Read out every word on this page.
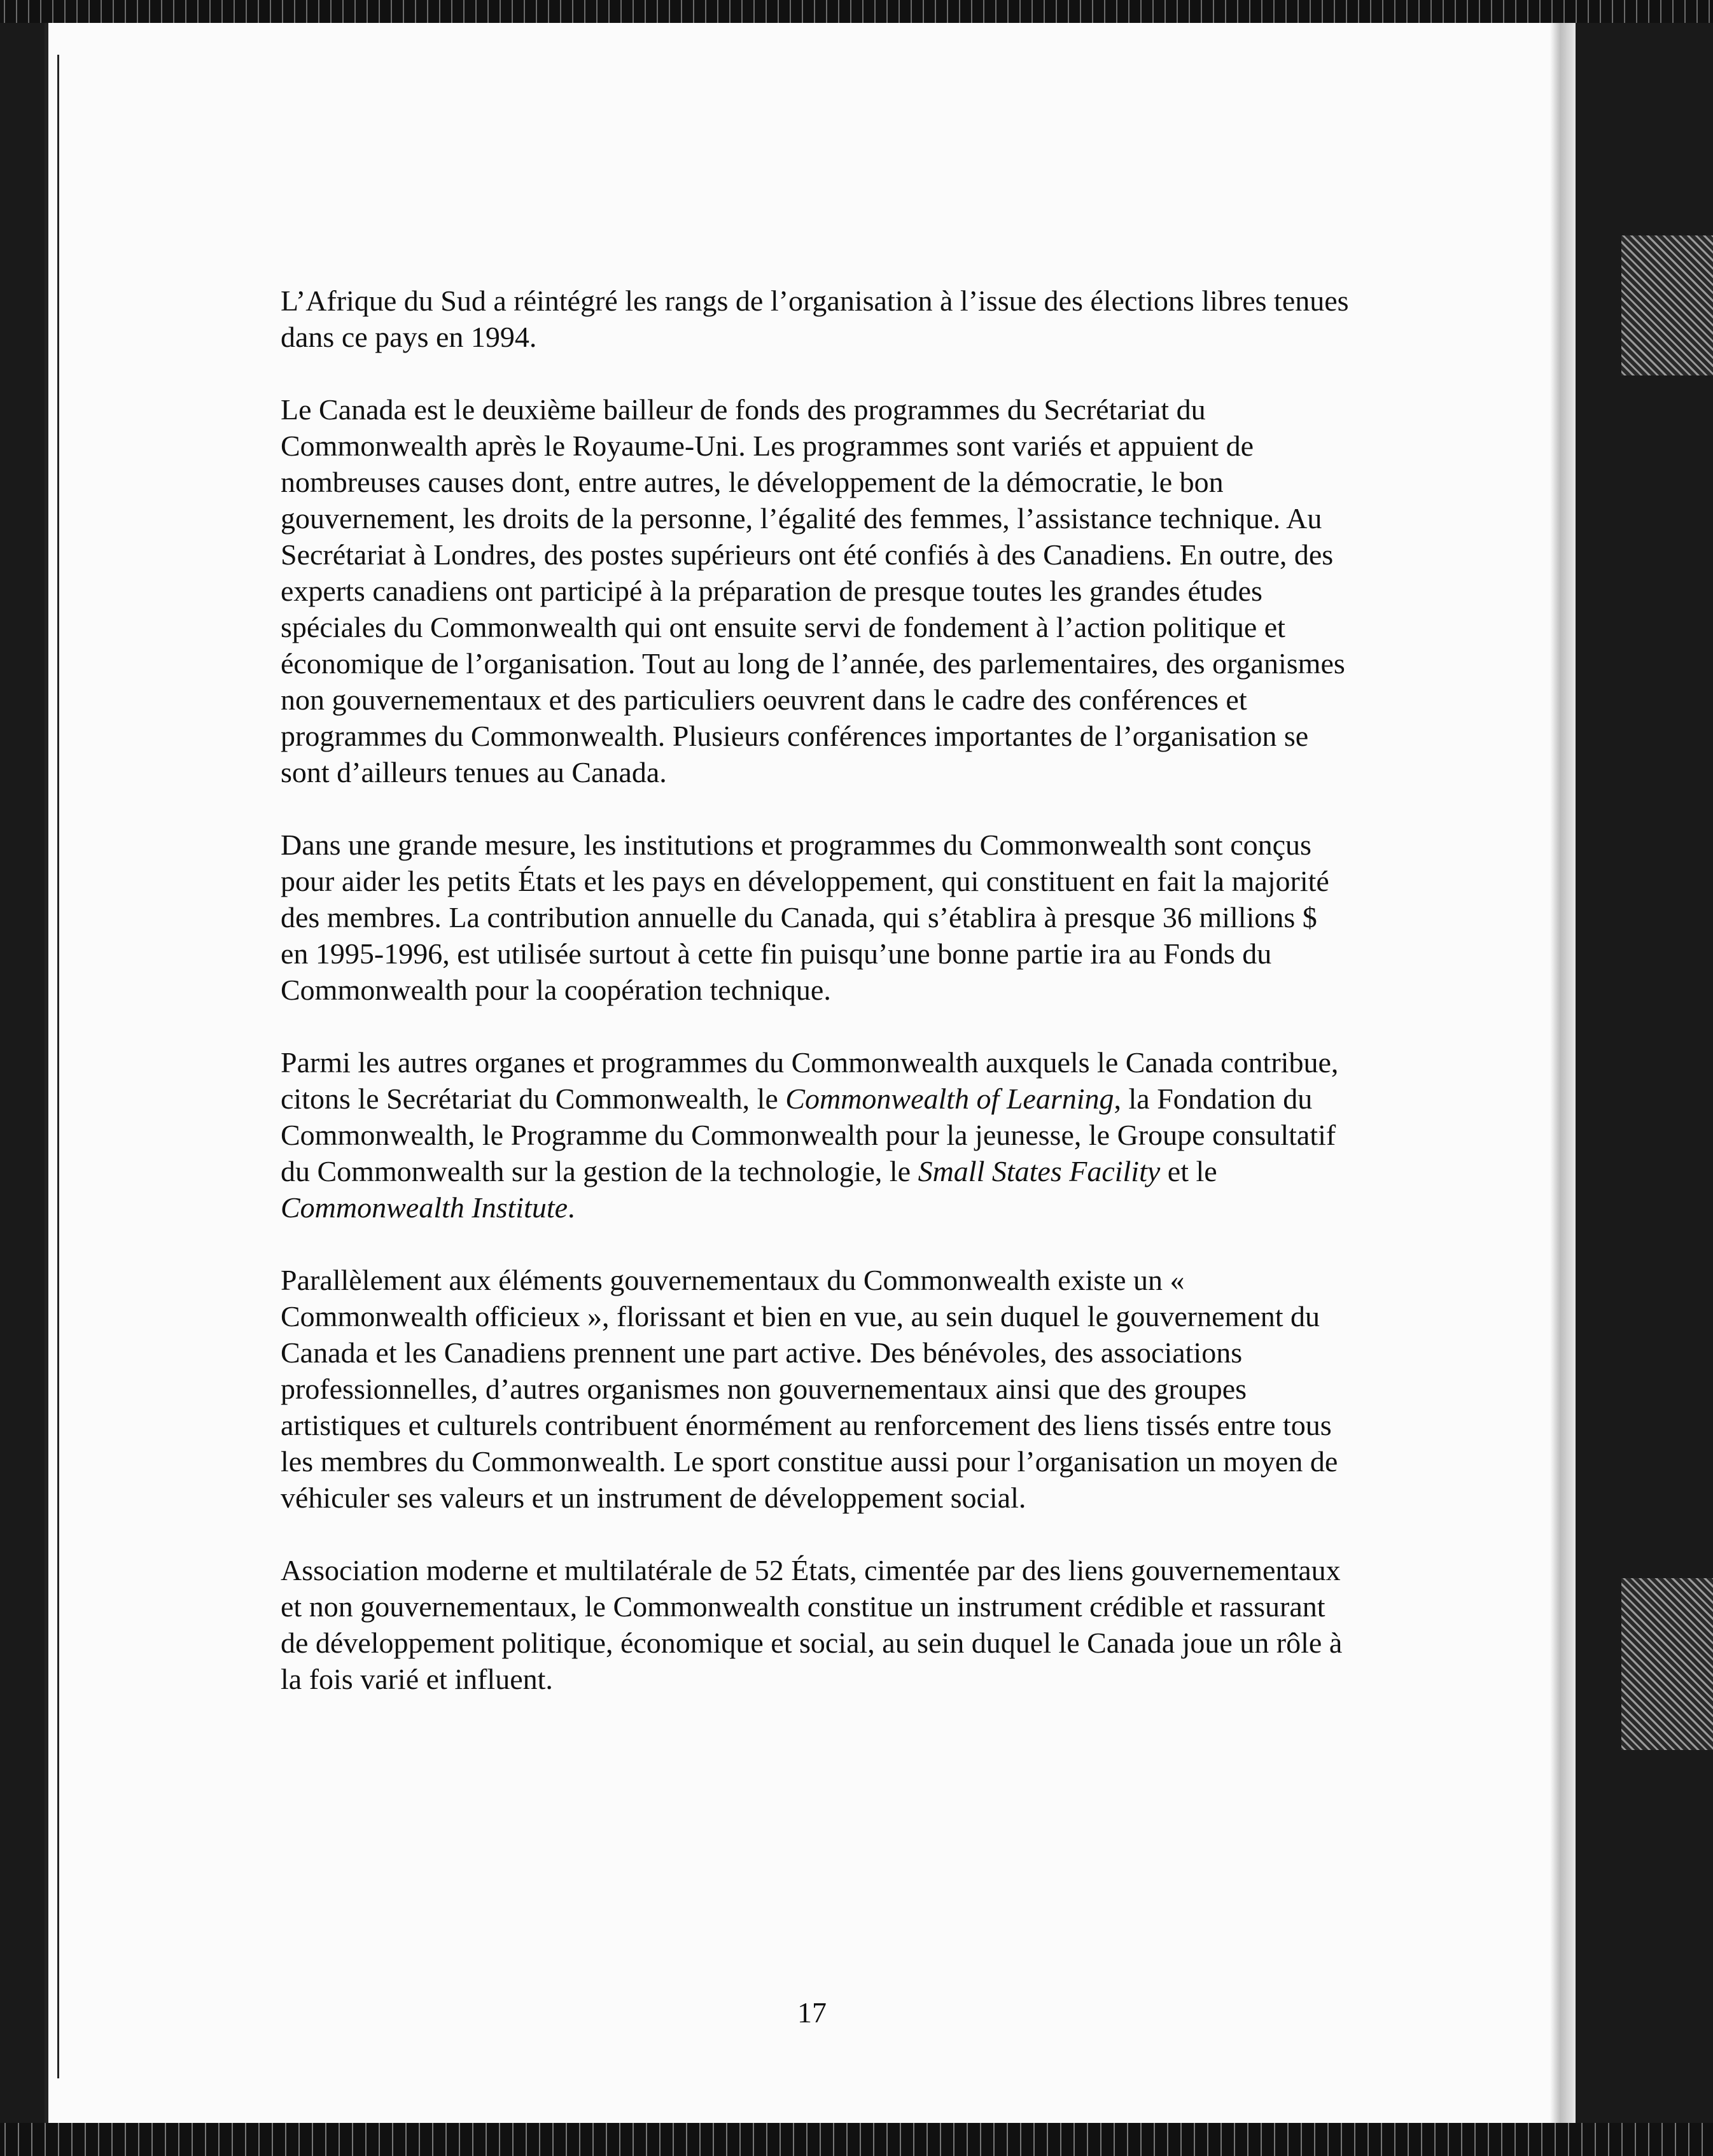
L’Afrique du Sud a réintégré les rangs de l’organisation à l’issue des élections libres tenues dans ce pays en 1994.

Le Canada est le deuxième bailleur de fonds des programmes du Secrétariat du Commonwealth après le Royaume-Uni. Les programmes sont variés et appuient de nombreuses causes dont, entre autres, le développement de la démocratie, le bon gouvernement, les droits de la personne, l’égalité des femmes, l’assistance technique. Au Secrétariat à Londres, des postes supérieurs ont été confiés à des Canadiens. En outre, des experts canadiens ont participé à la préparation de presque toutes les grandes études spéciales du Commonwealth qui ont ensuite servi de fondement à l’action politique et économique de l’organisation. Tout au long de l’année, des parlementaires, des organismes non gouvernementaux et des particuliers oeuvrent dans le cadre des conférences et programmes du Commonwealth. Plusieurs conférences importantes de l’organisation se sont d’ailleurs tenues au Canada.

Dans une grande mesure, les institutions et programmes du Commonwealth sont conçus pour aider les petits États et les pays en développement, qui constituent en fait la majorité des membres. La contribution annuelle du Canada, qui s’établira à presque 36 millions $ en 1995-1996, est utilisée surtout à cette fin puisqu’une bonne partie ira au Fonds du Commonwealth pour la coopération technique.

Parmi les autres organes et programmes du Commonwealth auxquels le Canada contribue, citons le Secrétariat du Commonwealth, le Commonwealth of Learning, la Fondation du Commonwealth, le Programme du Commonwealth pour la jeunesse, le Groupe consultatif du Commonwealth sur la gestion de la technologie, le Small States Facility et le Commonwealth Institute.

Parallèlement aux éléments gouvernementaux du Commonwealth existe un « Commonwealth officieux », florissant et bien en vue, au sein duquel le gouvernement du Canada et les Canadiens prennent une part active. Des bénévoles, des associations professionnelles, d’autres organismes non gouvernementaux ainsi que des groupes artistiques et culturels contribuent énormément au renforcement des liens tissés entre tous les membres du Commonwealth. Le sport constitue aussi pour l’organisation un moyen de véhiculer ses valeurs et un instrument de développement social.

Association moderne et multilatérale de 52 États, cimentée par des liens gouvernementaux et non gouvernementaux, le Commonwealth constitue un instrument crédible et rassurant de développement politique, économique et social, au sein duquel le Canada joue un rôle à la fois varié et influent.

17
